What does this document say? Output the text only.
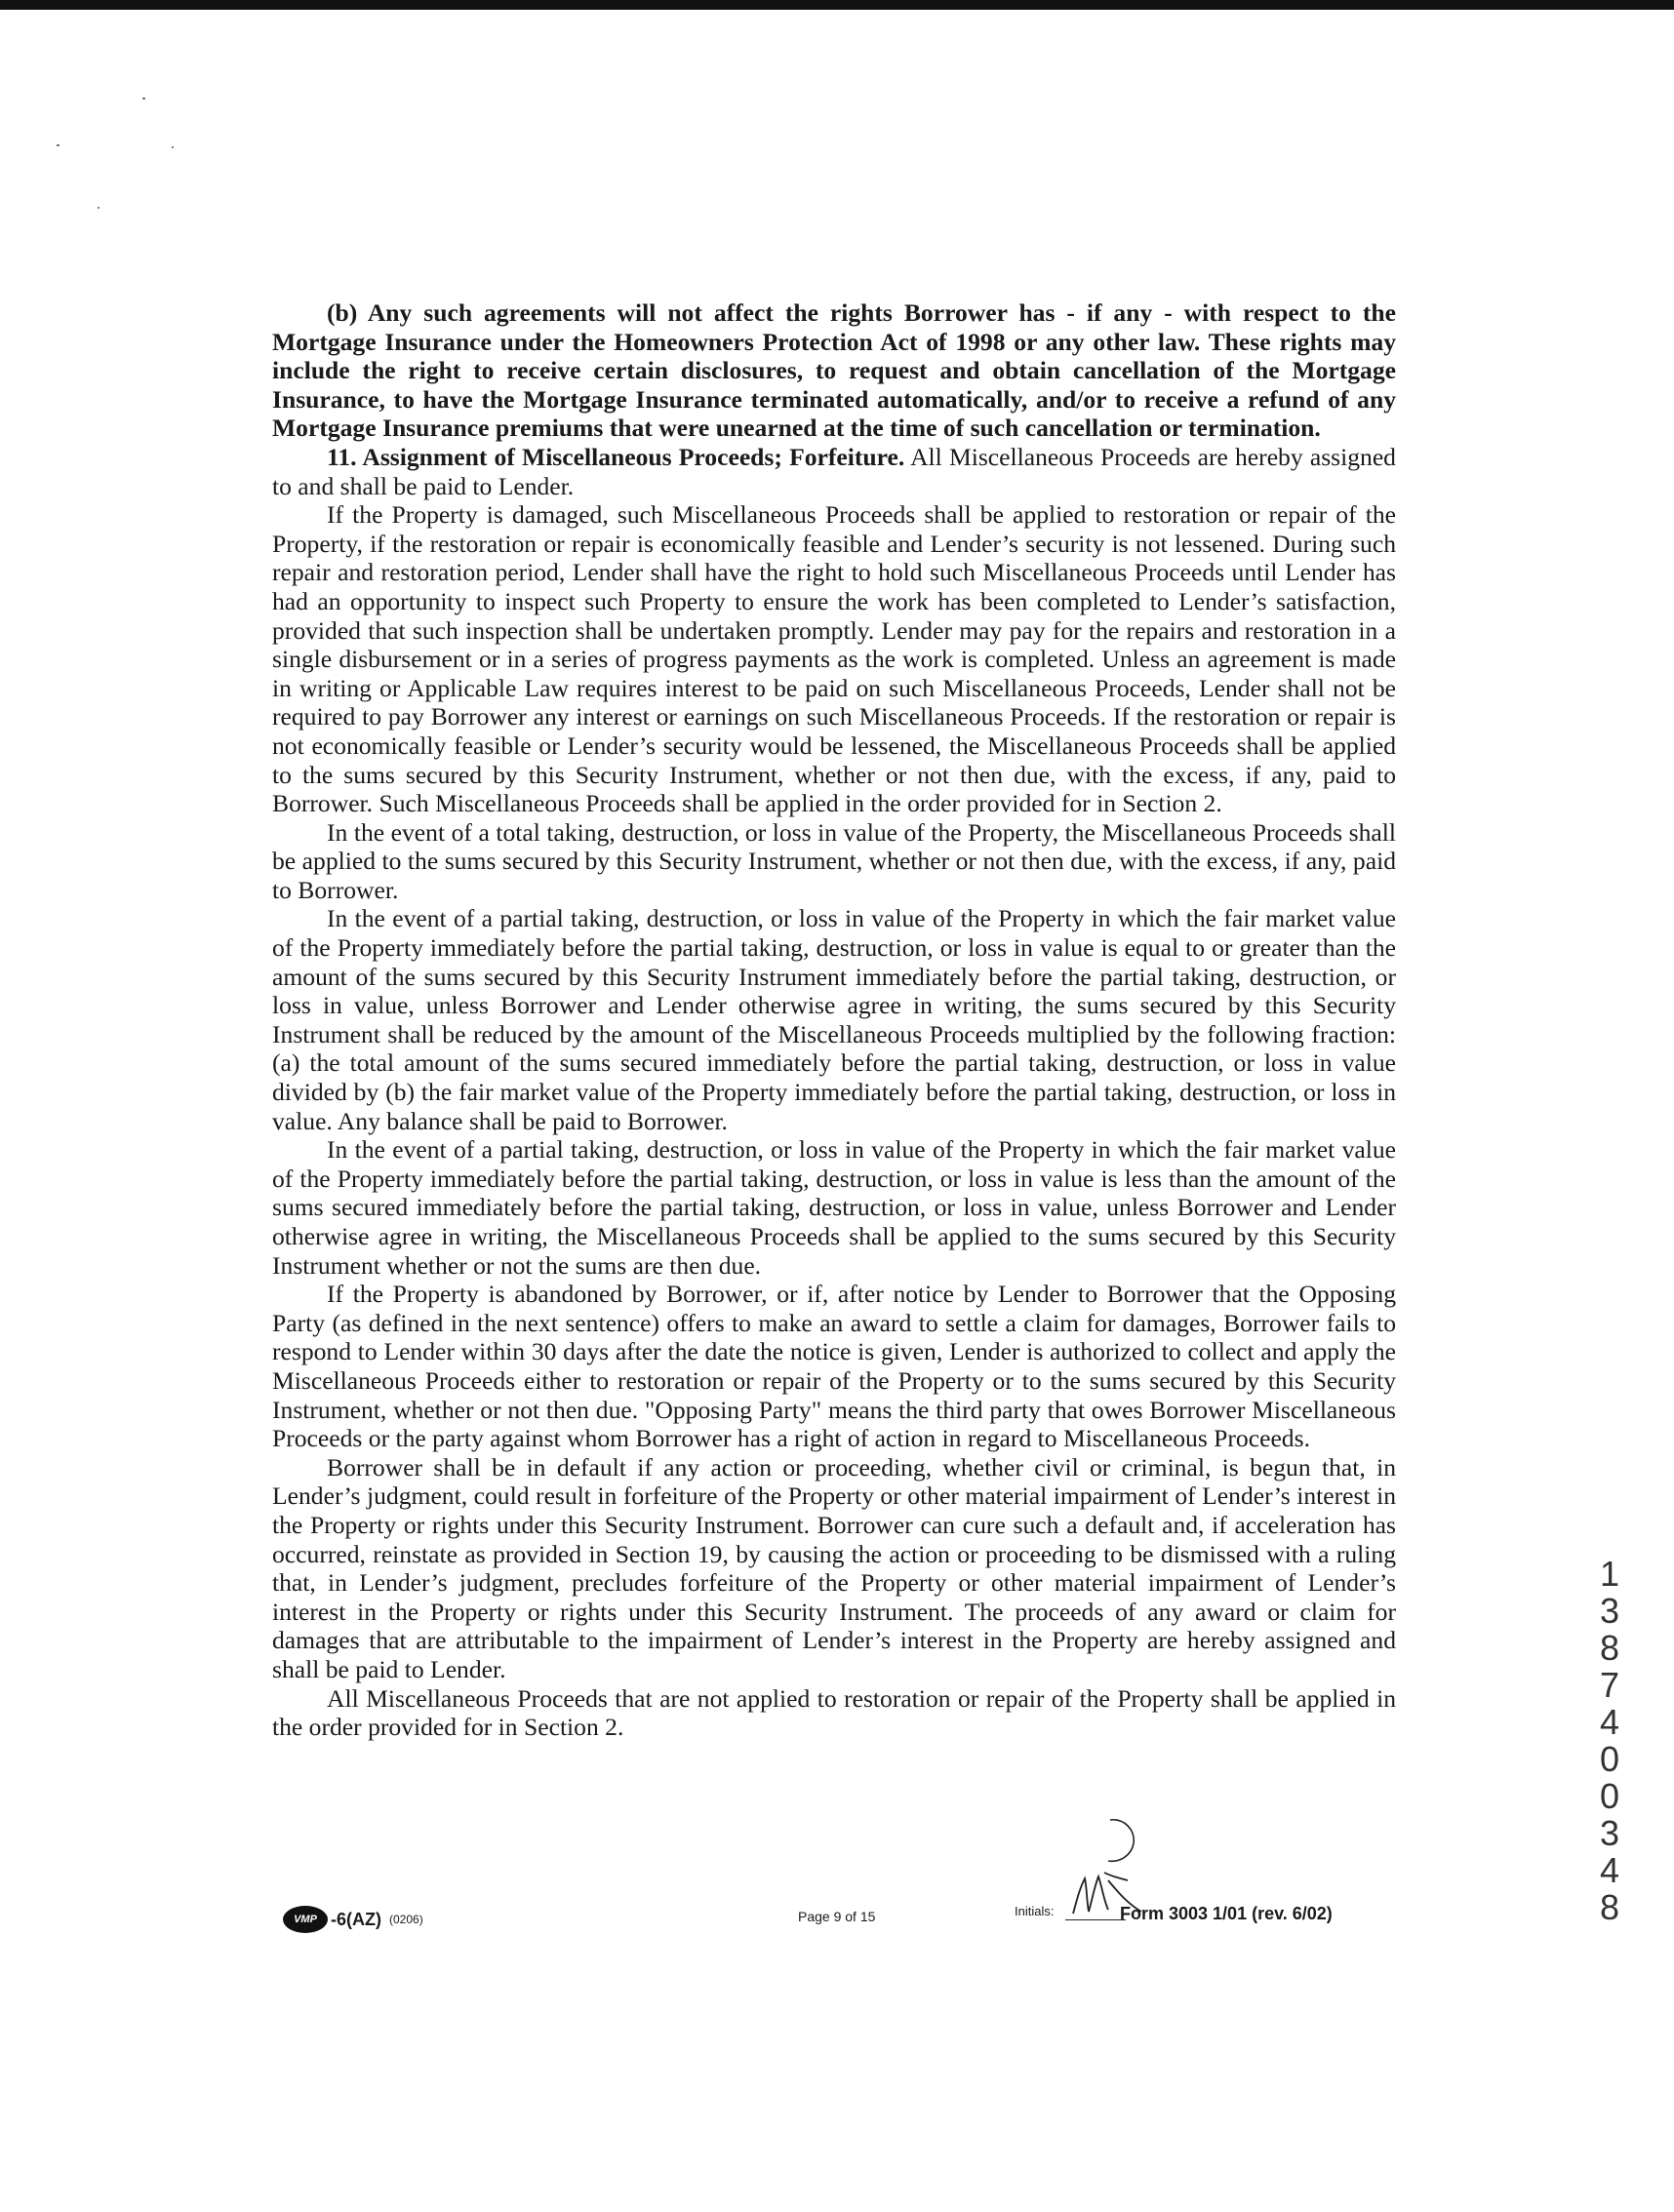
(b) Any such agreements will not affect the rights Borrower has - if any - with respect to the Mortgage Insurance under the Homeowners Protection Act of 1998 or any other law. These rights may include the right to receive certain disclosures, to request and obtain cancellation of the Mortgage Insurance, to have the Mortgage Insurance terminated automatically, and/or to receive a refund of any Mortgage Insurance premiums that were unearned at the time of such cancellation or termination.

11. Assignment of Miscellaneous Proceeds; Forfeiture. All Miscellaneous Proceeds are hereby assigned to and shall be paid to Lender.

If the Property is damaged, such Miscellaneous Proceeds shall be applied to restoration or repair of the Property, if the restoration or repair is economically feasible and Lender’s security is not lessened. During such repair and restoration period, Lender shall have the right to hold such Miscellaneous Proceeds until Lender has had an opportunity to inspect such Property to ensure the work has been completed to Lender’s satisfaction, provided that such inspection shall be undertaken promptly. Lender may pay for the repairs and restoration in a single disbursement or in a series of progress payments as the work is completed. Unless an agreement is made in writing or Applicable Law requires interest to be paid on such Miscellaneous Proceeds, Lender shall not be required to pay Borrower any interest or earnings on such Miscellaneous Proceeds. If the restoration or repair is not economically feasible or Lender’s security would be lessened, the Miscellaneous Proceeds shall be applied to the sums secured by this Security Instrument, whether or not then due, with the excess, if any, paid to Borrower. Such Miscellaneous Proceeds shall be applied in the order provided for in Section 2.

In the event of a total taking, destruction, or loss in value of the Property, the Miscellaneous Proceeds shall be applied to the sums secured by this Security Instrument, whether or not then due, with the excess, if any, paid to Borrower.

In the event of a partial taking, destruction, or loss in value of the Property in which the fair market value of the Property immediately before the partial taking, destruction, or loss in value is equal to or greater than the amount of the sums secured by this Security Instrument immediately before the partial taking, destruction, or loss in value, unless Borrower and Lender otherwise agree in writing, the sums secured by this Security Instrument shall be reduced by the amount of the Miscellaneous Proceeds multiplied by the following fraction: (a) the total amount of the sums secured immediately before the partial taking, destruction, or loss in value divided by (b) the fair market value of the Property immediately before the partial taking, destruction, or loss in value. Any balance shall be paid to Borrower.

In the event of a partial taking, destruction, or loss in value of the Property in which the fair market value of the Property immediately before the partial taking, destruction, or loss in value is less than the amount of the sums secured immediately before the partial taking, destruction, or loss in value, unless Borrower and Lender otherwise agree in writing, the Miscellaneous Proceeds shall be applied to the sums secured by this Security Instrument whether or not the sums are then due.

If the Property is abandoned by Borrower, or if, after notice by Lender to Borrower that the Opposing Party (as defined in the next sentence) offers to make an award to settle a claim for damages, Borrower fails to respond to Lender within 30 days after the date the notice is given, Lender is authorized to collect and apply the Miscellaneous Proceeds either to restoration or repair of the Property or to the sums secured by this Security Instrument, whether or not then due. "Opposing Party" means the third party that owes Borrower Miscellaneous Proceeds or the party against whom Borrower has a right of action in regard to Miscellaneous Proceeds.

Borrower shall be in default if any action or proceeding, whether civil or criminal, is begun that, in Lender’s judgment, could result in forfeiture of the Property or other material impairment of Lender’s interest in the Property or rights under this Security Instrument. Borrower can cure such a default and, if acceleration has occurred, reinstate as provided in Section 19, by causing the action or proceeding to be dismissed with a ruling that, in Lender’s judgment, precludes forfeiture of the Property or other material impairment of Lender’s interest in the Property or rights under this Security Instrument. The proceeds of any award or claim for damages that are attributable to the impairment of Lender’s interest in the Property are hereby assigned and shall be paid to Lender.

All Miscellaneous Proceeds that are not applied to restoration or repair of the Property shall be applied in the order provided for in Section 2.

1
3
8
7
4
0
0
3
4
8
VMP -6(AZ) (0206)	Page 9 of 15	Initials:	Form 3003 1/01 (rev. 6/02)
